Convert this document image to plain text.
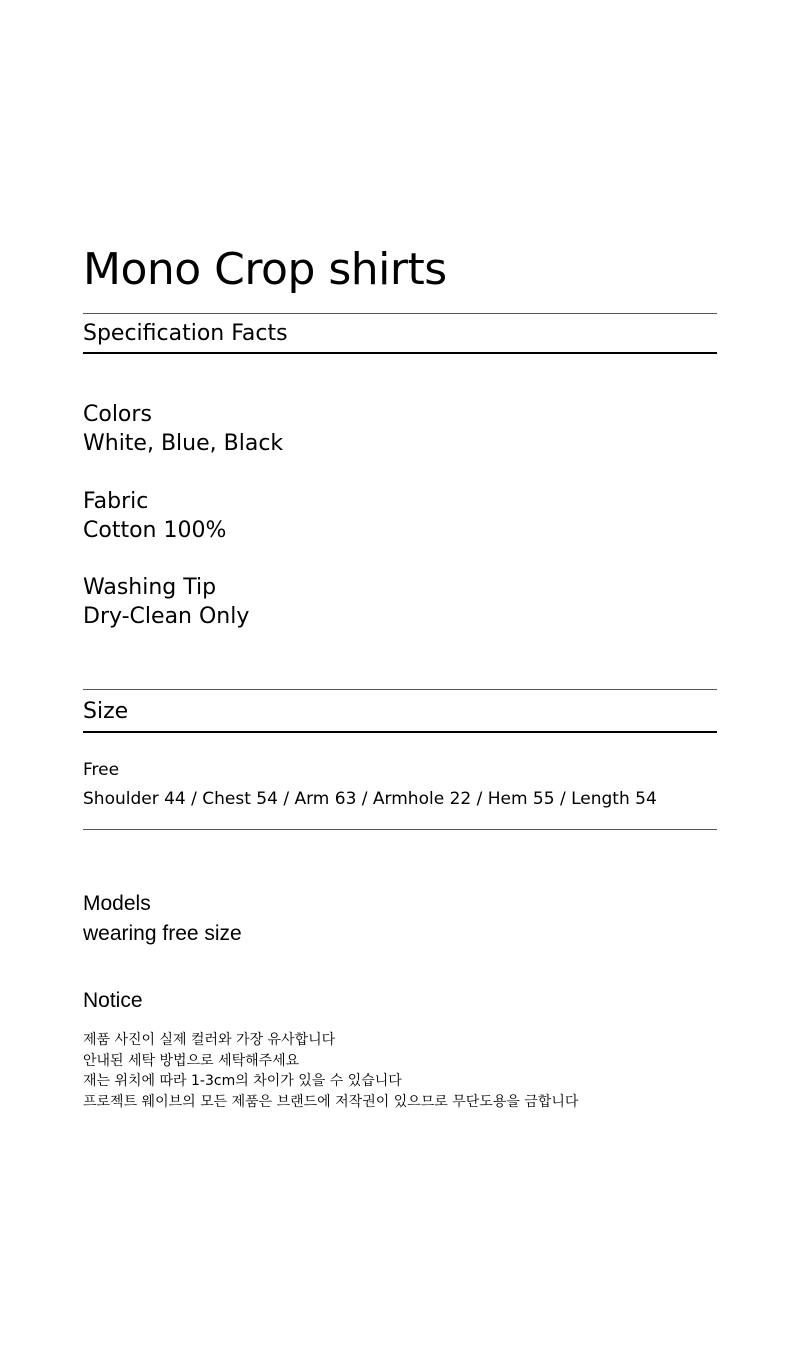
Mono Crop shirts
Specification Facts
Colors
White, Blue, Black
Fabric
Cotton 100%
Washing Tip
Dry-Clean Only
Size
Free
Shoulder 44 / Chest 54 / Arm 63 / Armhole 22 / Hem 55 / Length 54
Models
wearing free size
Notice
제품 사진이 실제 컬러와 가장 유사합니다
안내된 세탁 방법으로 세탁해주세요
재는 위치에 따라 1-3cm의 차이가 있을 수 있습니다
프로젝트 웨이브의 모든 제품은 브랜드에 저작권이 있으므로 무단도용을 금합니다
